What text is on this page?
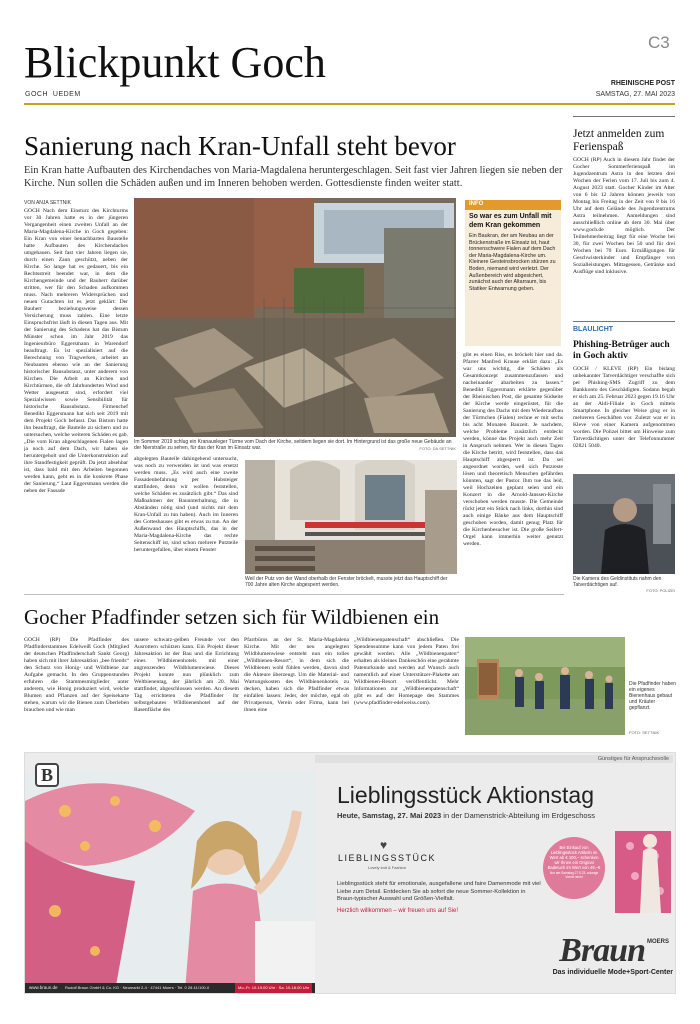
Blickpunkt Goch	C3
GOCH  UEDEM
RHEINISCHE POST
SAMSTAG, 27. MAI 2023
Sanierung nach Kran-Unfall steht bevor
Ein Kran hatte Aufbauten des Kirchendaches von Maria-Magdalena heruntergeschlagen. Seit fast vier Jahren liegen sie neben der Kirche. Nun sollen die Schäden außen und im Inneren behoben werden. Gottesdienste finden weiter statt.
VON ANJA SETTNIK
GOCH Nach dem Einsturz des Kirchturms vor 30 Jahren hatte es in der jüngeren Vergangenheit einen zweiten Unfall an der Maria-Magdalena-Kirche in Goch gegeben: Ein Kran von einer benachbarten Baustelle hatte Aufbauten des Kirchendaches umgehauen. Seit fast vier Jahren liegen sie, durch einen Zaun geschützt, neben der Kirche. So lange hat es gedauert, bis ein Rechtsstreit beendet war, in dem die Kirchengemeinde und der Bauherr darüber stritten, wer für den Schaden aufkommen muss. Nach mehreren Widersprüchen und neuen Gutachten ist es jetzt geklärt: Der Bauherr beziehungsweise dessen Versicherung muss zahlen. Eine letzte Einspruchsfrist läuft in diesen Tagen aus. Mit der Sanierung des Schadens hat das Bistum Münster schon im Jahr 2019 das Ingenieurbüro Eggersmann in Warendorf beauftragt. Es ist spezialisiert auf die Berechnung von Tragwerken, arbeitet an Neubauten ebenso wie an der Sanierung historischer Bausubstanz, unter anderem von Kirchen. Die Arbeit an Kirchen und Kirchtürmen, die oft Jahrhunderten Wind und Wetter ausgesetzt sind, erfordert viel Spezialwissen sowie Sensibilität für historische Bausubstanz. Firmenchef Benedikt Eggersmann hat sich seit 2019 mit dem Projekt Goch befasst. Das Bistum hatte ihn beauftragt, die Bauteile zu sichern und zu untersuchen, welche weiteren Schäden es gab. „Die vom Kran abgeschlagenen Fialen lagen ja noch auf dem Dach, wir haben sie heruntergeholt und die Unterkonstruktion auf ihre Standfestigkeit geprüft. Da jetzt absehbar ist, dass bald mit den Arbeiten begonnen werden kann, geht es in die konkrete Phase der Sanierung.“ Laut Eggersmann werden die neben der Fassade
Im Sommer 2019 schlug ein Kranausleger Türme vom Dach der Kirche, seitdem liegen sie dort. Im Hintergrund ist das große neue Gebäude an der Nierstraße zu sehen, für das der Kran im Einsatz war.	FOTO: DA SETTNIK
INFO
So war es zum Unfall mit dem Kran gekommen
Ein Baukran, der am Neubau an der Brückenstraße im Einsatz ist, haut tonnenschwere Fialen auf dem Dach der Maria-Magdalena-Kirche um. Kleinere Gesteinsbrocken stürzen zu Boden, niemand wird verletzt. Der Außenbereich wird abgesichert, zunächst auch der Altarraum, bis Statiker Entwarnung geben.
gibt es einen Riss, es bröckelt hier und da. Pfarrer Manfred Krause erklärt dazu: „Es war uns wichtig, die Schäden als Gesamtkonzept zusammenzufassen und nacheinander abarbeiten zu lassen.“ Benedikt Eggersmann erklärte gegenüber der Rheinischen Post, die gesamte Südseite der Kirche werde eingerüstet, für die Sanierung des Dachs mit dem Wiederaufbau der Türmchen (Fialen) rechne er mit sechs bis acht Monaten Bauzeit. Je nachdem, welche Probleme zusätzlich entdeckt werden, könne das Projekt auch mehr Zeit in Anspruch nehmen. Wer in diesen Tagen die Kirche betritt, wird feststellen, dass das Hauptschiff abgesperrt ist. Da sei angeordnet worden, weil sich Putzreste lösen und theoretisch Menschen gefährden könnten, sagt der Pastor. Ihm tue das leid, weil Hochzeiten geplant seien und ein Konzert in die Arnold-Janssen-Kirche verschoben werden musste. Die Gemeinde rückt jetzt ein Stück nach links, dorthin sind auch einige Bänke aus dem Hauptschiff geschoben worden, damit genug Platz für die Kirchenbesucher ist. Die große Seifert-Orgel kann immerhin weiter genutzt werden.
abgelegten Bauteile dahingehend untersucht, was noch zu verwenden ist und was ersetzt werden muss. „Es wird auch eine zweite Fassadenbefahrung per Hubsteiger stattfinden, denn wir wollen feststellen, welche Schäden es zusätzlich gibt.“ Das sind Maßnahmen der Bauunterhaltung, die in Abständen nötig sind (und nichts mit dem Kran-Unfall zu tun haben). Auch im Inneren des Gotteshauses gibt es etwas zu tun. An der Außenwand des Hauptschiffs, das in der Maria-Magdalena-Kirche das rechte Seitenschiff ist, sind schon mehrere Putzteile heruntergefallen, über einem Fenster
Weil der Putz von der Wand oberhalb der Fenster bröckelt, musste jetzt das Hauptschiff der 700 Jahre alten Kirche abgesperrt werden.
Jetzt anmelden zum Ferienspaß
GOCH (RP) Auch in diesem Jahr findet der Gocher Sommerferienspaß im Jugendzentrum Astra in den letzten drei Wochen der Ferien vom 17. Juli bis zum 4. August 2023 statt. Gocher Kinder im Alter von 6 bis 12 Jahren können jeweils von Montag bis Freitag in der Zeit von 8 bis 16 Uhr auf dem Gelände des Jugendzentrums Astra teilnehmen. Anmeldungen sind ausschließlich online ab dem 30. Mai über www.goch.de möglich. Der Teilnehmerbeitrag liegt für eine Woche bei 30, für zwei Wochen bei 50 und für drei Wochen bei 70 Euro. Ermäßigungen für Geschwisterkinder und Empfänger von Sozialleistungen. Mittagessen, Getränke und Ausflüge sind inklusive.
BLAULICHT
Phishing-Betrüger auch in Goch aktiv
GOCH / KLEVE (RP) Ein bislang unbekannter Tatverdächtiger verschaffte sich per Phishing-SMS Zugriff zu dem Bankkonto des Geschädigten. Sodann begab er sich am 25. Februar 2023 gegen 19.16 Uhr an der Aldi-Filiale in Goch mittels Smartphone. In gleicher Weise ging er in mehreren Geschäften vor. Zuletzt war er in Kleve von einer Kamera aufgenommen worden. Die Polizei bittet um Hinweise zum Tatverdächtigen unter der Telefonnummer 02821 5040.
Die Kamera des Geldinstituts nahm den Tatverdächtigen auf.
FOTO: POLIZEI
Gocher Pfadfinder setzen sich für Wildbienen ein
GOCH (RP) Die Pfadfinder des Pfadfinderstammes Edelweiß Goch (Mitglied der deutschen Pfadfinderschaft Sankt Georg) haben sich mit ihrer Jahresaktion „bee friends“ den Schutz von Honig- und Wildbiene zur Aufgabe gemacht. In den Gruppenstunden erfuhren die Stammesmitglieder unter anderem, wie Honig produziert wird, welche Blumen und Pflanzen auf der Speisekarte stehen, warum wir die Bienen zum Überleben brauchen und wie man
unsere schwarz-gelben Freunde vor den Ausrottern schützen kann. Ein Projekt dieser Jahresaktion ist der Bau und die Errichtung eines Wildbienenhotels mit einer angrenzenden Wildblumenwiese. Dieses Projekt konnte nun plünklich zum Weltbienentag, der jährlich am 20. Mai stattfindet, abgeschlossen werden. An diesem Tag errichteten die Pfadfinder ihr selbstgebautes Wildbienenhotel auf der Rasenfläche des
Pfarrbüros an der St. Maria-Magdalena Kirche. Mit der neu angelegten Wildblumenwiese entsteht nun ein tolles „Wildbienen-Resort“, in dem sich die Wildbienen wohl fühlen werden, davon sind die Akteure überzeugt. Um die Material- und Wartungskosten des Wildbienenhotels zu decken, haben sich die Pfadfinder etwas einfallen lassen: Jeder, der möchte, egal ob Privatperson, Verein oder Firma, kann bei ihnen eine
„Wildbienenpatenschaft“ abschließen. Die Spendensumme kann von jedem Paten frei gewählt werden. Alle „Wildbienenpaten“ erhalten als kleines Dankeschön eine gerahmte Patenurkunde und werden auf Wunsch auch namentlich auf einer Unterstützer-Plakette am Wildbienen-Resort veröffentlicht. Mehr Informationen zur „Wildbienenpatenschaft“ gibt es auf der Homepage des Stammes (www.pfadfinder-edelweiss.com).
Die Pfadfinder haben ein eigenes Bienenhaus gebaut und Kräuter gepflanzt.
FOTO: SETTNIK
Günstiges für Anspruchsvolle
B
Lieblingsstück Aktionstag
Heute, Samstag, 27. Mai 2023 in der Damenstrick-Abteilung im Erdgeschoss
♥
LIEBLINGSSTÜCK
Lovely knit & Fashion
Lieblingsstück steht für emotionale, ausgefallene und faire Damenmode mit viel Liebe zum Detail. Entdecken Sie ab sofort die neue Sommer-Kollektion in Braun-typischer Auswahl und Größen-Vielfalt.
Herzlich willkommen – wir freuen uns auf Sie!
Bei Einkauf von Lieblingsstück Artikeln im Wert ab € 100,– schenken wir Ihnen ein Original Badetuch im Wert von 49,–€
Nur am Samstag 27.5.23, solange Vorrat reicht
Braun MOERS
Das individuelle Mode+Sport-Center
www.braun.de Rudolf Braun GmbH & Co. KG · Neumarkt 2-4 · 47441 Moers · Tel. 0 28 41/100-0	Mo.-Fr. 10-19.00 Uhr · Sa. 10-18.00 Uhr
